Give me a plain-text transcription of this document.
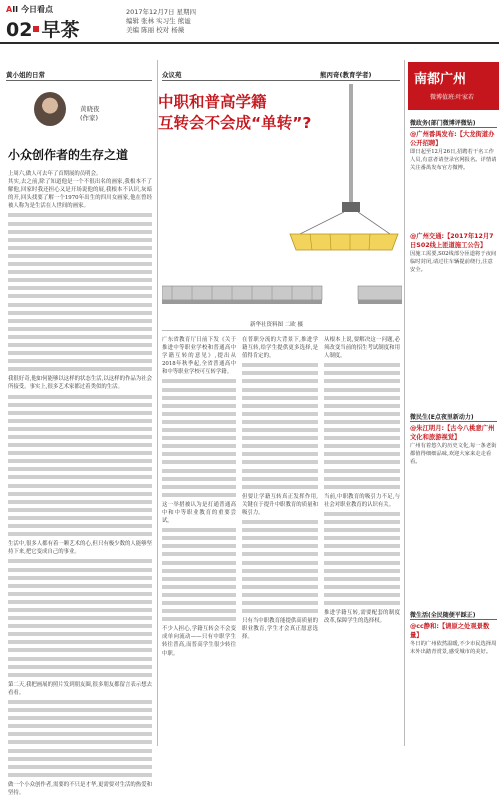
AII 今日看点
02 早茶
2017年12月7日 星期四
编辑 张林 实习生 熊谧
美编 陈丽 校对 杨薇
黄小姐的日常
黄晓夜
(作家)
小众创作者的生存之道
上周六,做人可去年了首期展的员明会。
其实,去之前,除了知道他是一个不很出名的画家,我根本不了解他,回家时我还担心又是开场说他的展,我根本不认识,灰暗的开,回头找要了解一个1970年出生的四川女画家,他在曾经被人称为是生活在人世间的画家。
我很好奇,他如何能够以这样的状态生活,以这样的作品为社会所接受。事实上,很多艺术家都过着类似的生活。
生活中,很多人都有着一颗艺术的心,但只有极少数的人能够坚持下来,把它变成自己的事业。
第二天,我把画展的照片发到朋友圈,很多朋友都留言表示想去看看。
做一个小众创作者,需要的不只是才华,更需要对生活的热爱和坚持。
众议苑	熊丙奇(教育学者)
中职和普高学籍
互转会不会成“单转”?
新华社资料图 二欧 摄
广东省教育厅日前下发《关于推进中等职业学校和普通高中学籍互转的意见》,提出从2018年秋季起,全省普通高中和中等职业学校可互转学籍。
这一举措被认为是打通普通高中和中等职业教育的重要尝试。
不少人担心,学籍互转会不会变成单向流动——只有中职学生转往普高,而普高学生很少转往中职。
在普职分流的大背景下,推进学籍互转,给学生提供更多选择,是值得肯定的。
但要让学籍互转真正发挥作用,关键在于提升中职教育的质量和吸引力。
只有当中职教育能提供高质量的职业教育,学生才会真正愿意选择。
从根本上说,要解决这一问题,必须改变当前的招生考试制度和用人制度。
当前,中职教育的吸引力不足,与社会对职业教育的认识有关。
推进学籍互转,需要配套的制度改革,保障学生的选择权。
南都广州
微博值班:叶家若
微政务(部门微博评微钻)
@广州番禺发布:【大龙街道办公开招聘】
即日起至12月26日,招聘若干名工作人员,有意者请登录官网报名。详情请关注番禺发布官方微博。
@广州交通:【2017年12月7日S02线上匝道施工公告】
因施工需要,S02线部分匝道将于夜间临时封闭,请过往车辆提前绕行,注意安全。
微民生(E点夜里新动力)
@朱江明月:【古今八桃意广州文化和旅游视觉】
广州有着悠久的历史文化,每一条老街都值得细细品味,欢迎大家来走走看看。
微生活(全民随便平踩正)
@cc静和:【请原之处观景数量】
冬日的广州依然温暖,不少市民选择周末外出踏青赏景,感受城市的美好。
